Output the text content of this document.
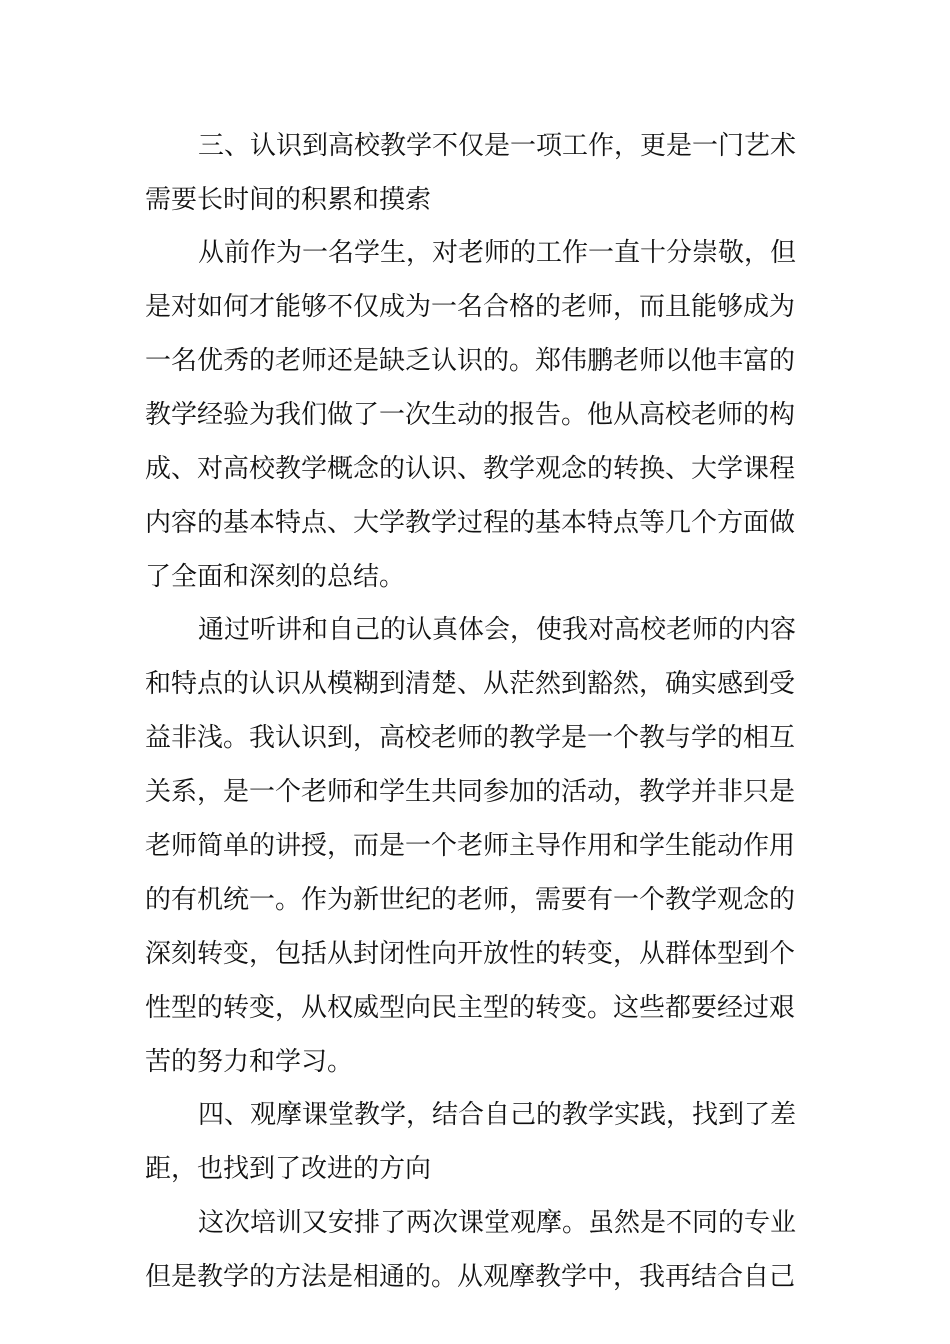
三、认识到高校教学不仅是一项工作，更是一门艺术
需要长时间的积累和摸索
从前作为一名学生，对老师的工作一直十分崇敬，但
是对如何才能够不仅成为一名合格的老师，而且能够成为
一名优秀的老师还是缺乏认识的。郑伟鹏老师以他丰富的
教学经验为我们做了一次生动的报告。他从高校老师的构
成、对高校教学概念的认识、教学观念的转换、大学课程
内容的基本特点、大学教学过程的基本特点等几个方面做
了全面和深刻的总结。
通过听讲和自己的认真体会，使我对高校老师的内容
和特点的认识从模糊到清楚、从茫然到豁然，确实感到受
益非浅。我认识到，高校老师的教学是一个教与学的相互
关系，是一个老师和学生共同参加的活动，教学并非只是
老师简单的讲授，而是一个老师主导作用和学生能动作用
的有机统一。作为新世纪的老师，需要有一个教学观念的
深刻转变，包括从封闭性向开放性的转变，从群体型到个
性型的转变，从权威型向民主型的转变。这些都要经过艰
苦的努力和学习。
四、观摩课堂教学，结合自己的教学实践，找到了差
距，也找到了改进的方向
这次培训又安排了两次课堂观摩。虽然是不同的专业
但是教学的方法是相通的。从观摩教学中，我再结合自己
